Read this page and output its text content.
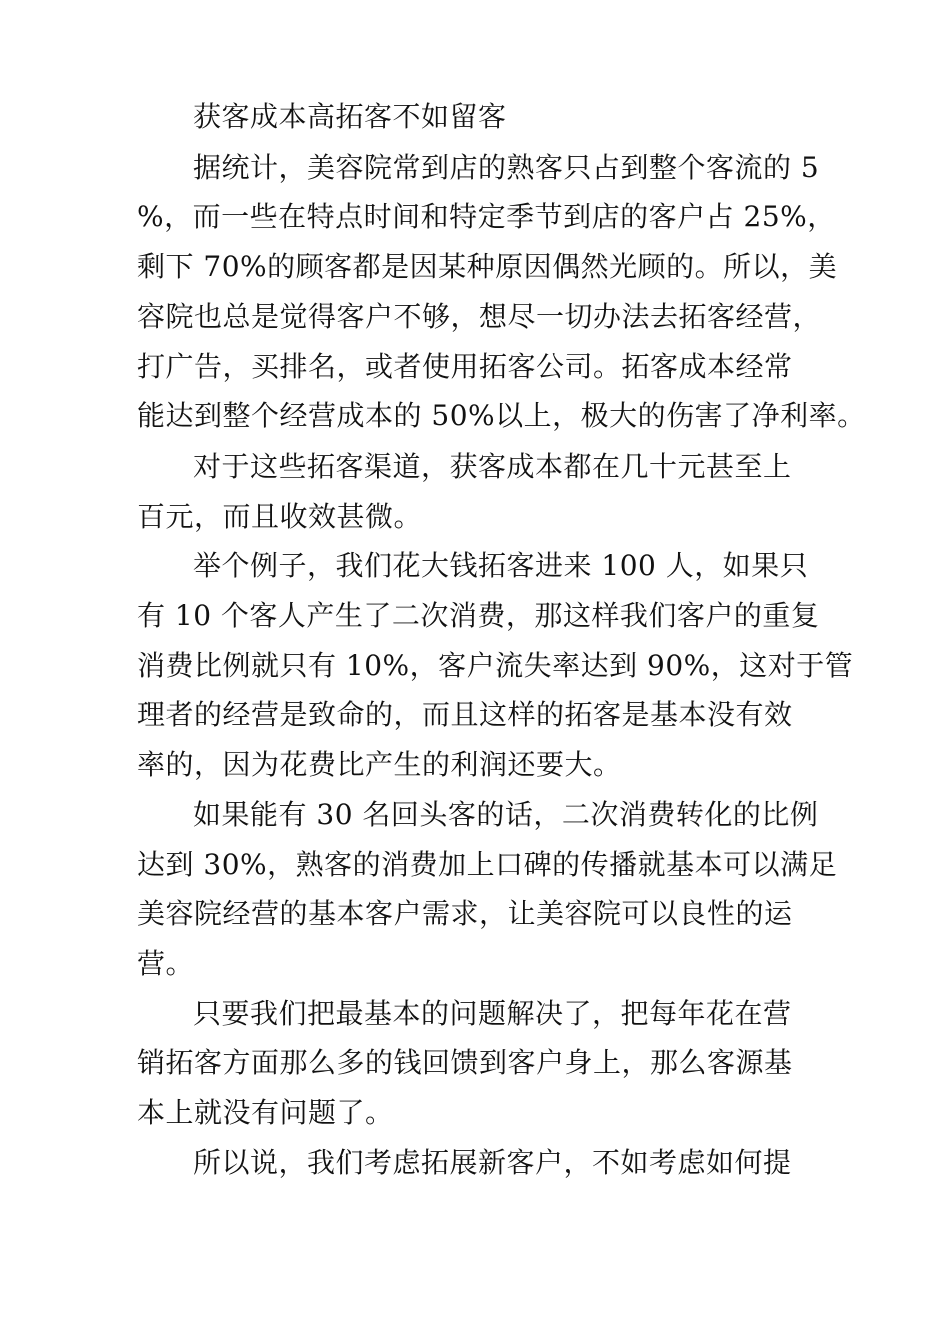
获客成本高拓客不如留客
据统计，美容院常到店的熟客只占到整个客流的 5
%，而一些在特点时间和特定季节到店的客户占 25%，
剩下 70%的顾客都是因某种原因偶然光顾的。所以，美
容院也总是觉得客户不够，想尽一切办法去拓客经营，
打广告，买排名，或者使用拓客公司。拓客成本经常
能达到整个经营成本的 50%以上，极大的伤害了净利率。
对于这些拓客渠道，获客成本都在几十元甚至上
百元，而且收效甚微。
举个例子，我们花大钱拓客进来 100 人，如果只
有 10 个客人产生了二次消费，那这样我们客户的重复
消费比例就只有 10%，客户流失率达到 90%，这对于管
理者的经营是致命的，而且这样的拓客是基本没有效
率的，因为花费比产生的利润还要大。
如果能有 30 名回头客的话，二次消费转化的比例
达到 30%，熟客的消费加上口碑的传播就基本可以满足
美容院经营的基本客户需求，让美容院可以良性的运
营。
只要我们把最基本的问题解决了，把每年花在营
销拓客方面那么多的钱回馈到客户身上，那么客源基
本上就没有问题了。
所以说，我们考虑拓展新客户，不如考虑如何提
